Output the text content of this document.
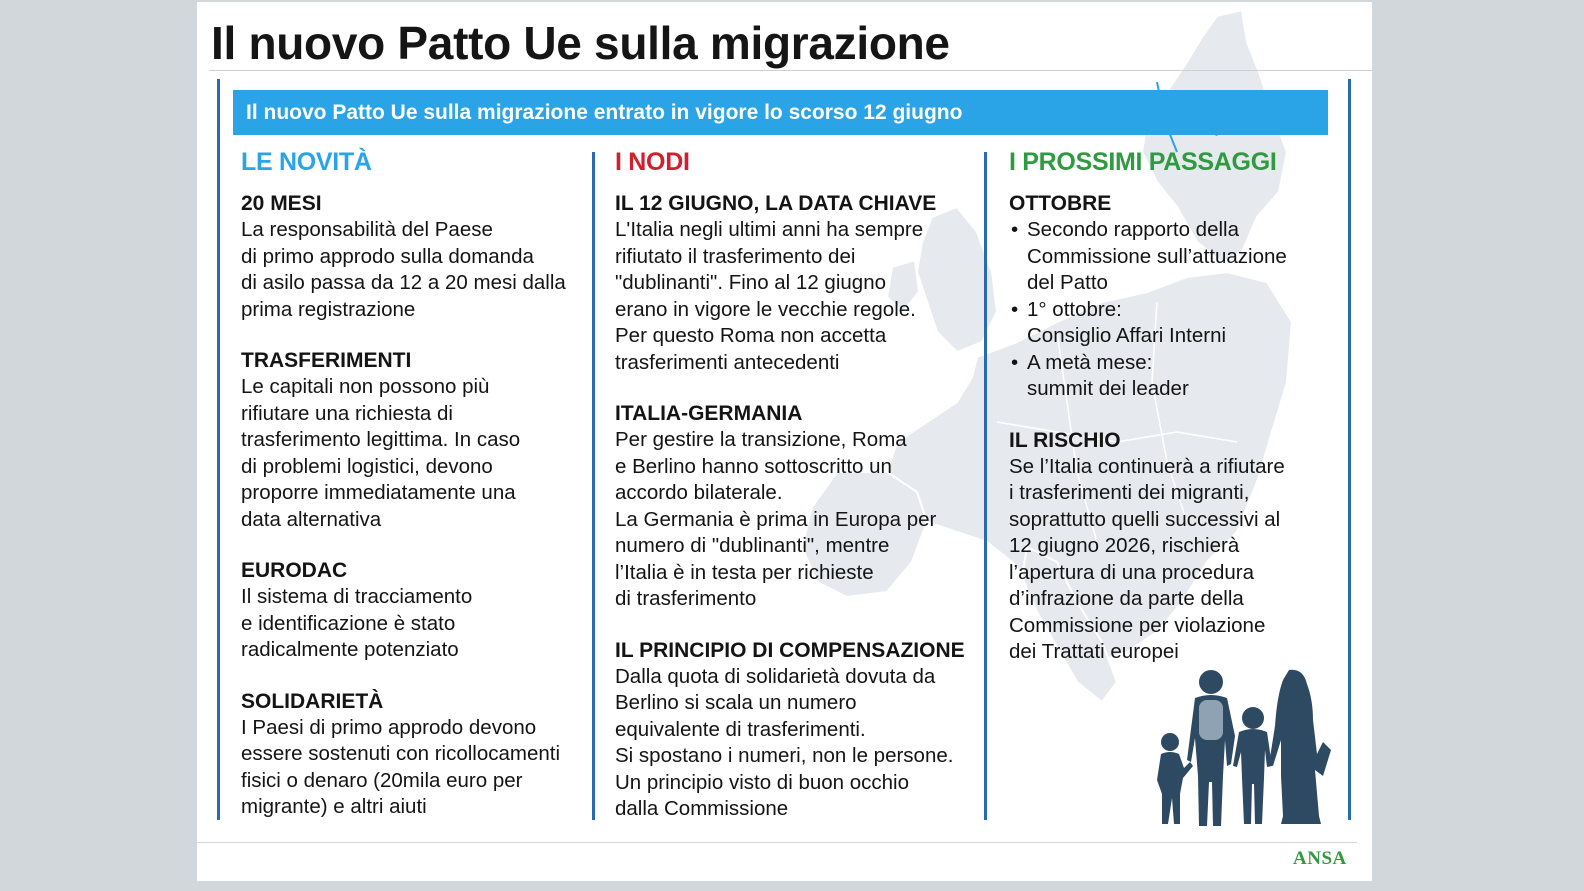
Il nuovo Patto Ue sulla migrazione
Il nuovo Patto Ue sulla migrazione entrato in vigore lo scorso 12 giugno
LE NOVITÀ
20 MESI
La responsabilità del Paese
di primo approdo sulla domanda
di asilo passa da 12 a 20 mesi dalla
prima registrazione
TRASFERIMENTI
Le capitali non possono più
rifiutare una richiesta di
trasferimento legittima. In caso
di problemi logistici, devono
proporre immediatamente una
data alternativa
EURODAC
Il sistema di tracciamento
e identificazione è stato
radicalmente potenziato
SOLIDARIETÀ
I Paesi di primo approdo devono
essere sostenuti con ricollocamenti
fisici o denaro (20mila euro per
migrante) e altri aiuti
I NODI
IL 12 GIUGNO, LA DATA CHIAVE
L'Italia negli ultimi anni ha sempre
rifiutato il trasferimento dei
"dublinanti". Fino al 12 giugno
erano in vigore le vecchie regole.
Per questo Roma non accetta
trasferimenti antecedenti
ITALIA-GERMANIA
Per gestire la transizione, Roma
e Berlino hanno sottoscritto un
accordo bilaterale.
La Germania è prima in Europa per
numero di "dublinanti", mentre
l’Italia è in testa per richieste
di trasferimento
IL PRINCIPIO DI COMPENSAZIONE
Dalla quota di solidarietà dovuta da
Berlino si scala un numero
equivalente di trasferimenti.
Si spostano i numeri, non le persone.
Un principio visto di buon occhio
dalla Commissione
I PROSSIMI PASSAGGI
OTTOBRE
• Secondo rapporto della
Commissione sull’attuazione
del Patto
• 1° ottobre:
Consiglio Affari Interni
• A metà mese:
summit dei leader
IL RISCHIO
Se l’Italia continuerà a rifiutare
i trasferimenti dei migranti,
soprattutto quelli successivi al
12 giugno 2026, rischierà
l’apertura di una procedura
d’infrazione da parte della
Commissione per violazione
dei Trattati europei
ANSA
